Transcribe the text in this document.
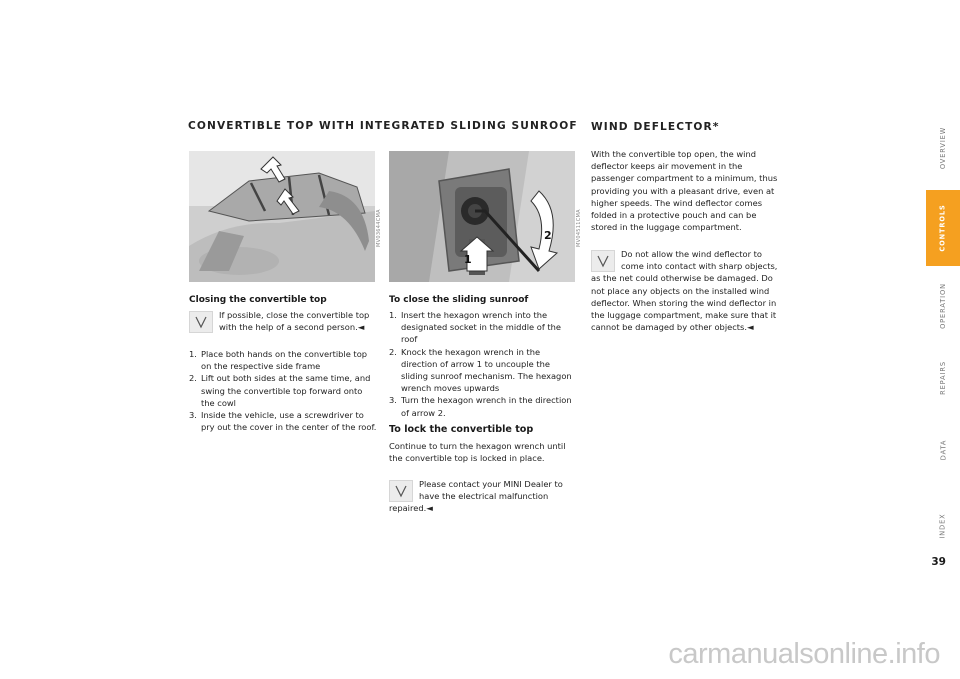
CONVERTIBLE TOP WITH INTEGRATED SLIDING SUNROOF WIND DEFLECTOR*
MV03644CMA
1
2	MV04511CMA
Closing the convertible top
If possible, close the convertible top with the help of a second person.◄
1. Place both hands on the convertible top on the respective side frame
2. Lift out both sides at the same time, and swing the convertible top forward onto the cowl
3. Inside the vehicle, use a screwdriver to pry out the cover in the center of the roof.
To close the sliding sunroof
1. Insert the hexagon wrench into the designated socket in the middle of the roof
2. Knock the hexagon wrench in the direction of arrow 1 to uncouple the sliding sunroof mechanism. The hexagon wrench moves upwards
3. Turn the hexagon wrench in the direction of arrow 2.
To lock the convertible top
Continue to turn the hexagon wrench until the convertible top is locked in place.
Please contact your MINI Dealer to have the electrical malfunction repaired.◄
With the convertible top open, the wind deflector keeps air movement in the passenger compartment to a minimum, thus providing you with a pleasant drive, even at higher speeds. The wind deflector comes folded in a protective pouch and can be stored in the luggage compartment.
Do not allow the wind deflector to come into contact with sharp objects, as the net could otherwise be damaged. Do not place any objects on the installed wind deflector. When storing the wind deflector in the luggage compartment, make sure that it cannot be damaged by other objects.◄
OVERVIEW
CONTROLS
OPERATION
REPAIRS
DATA
INDEX
39
carmanualsonline.info
